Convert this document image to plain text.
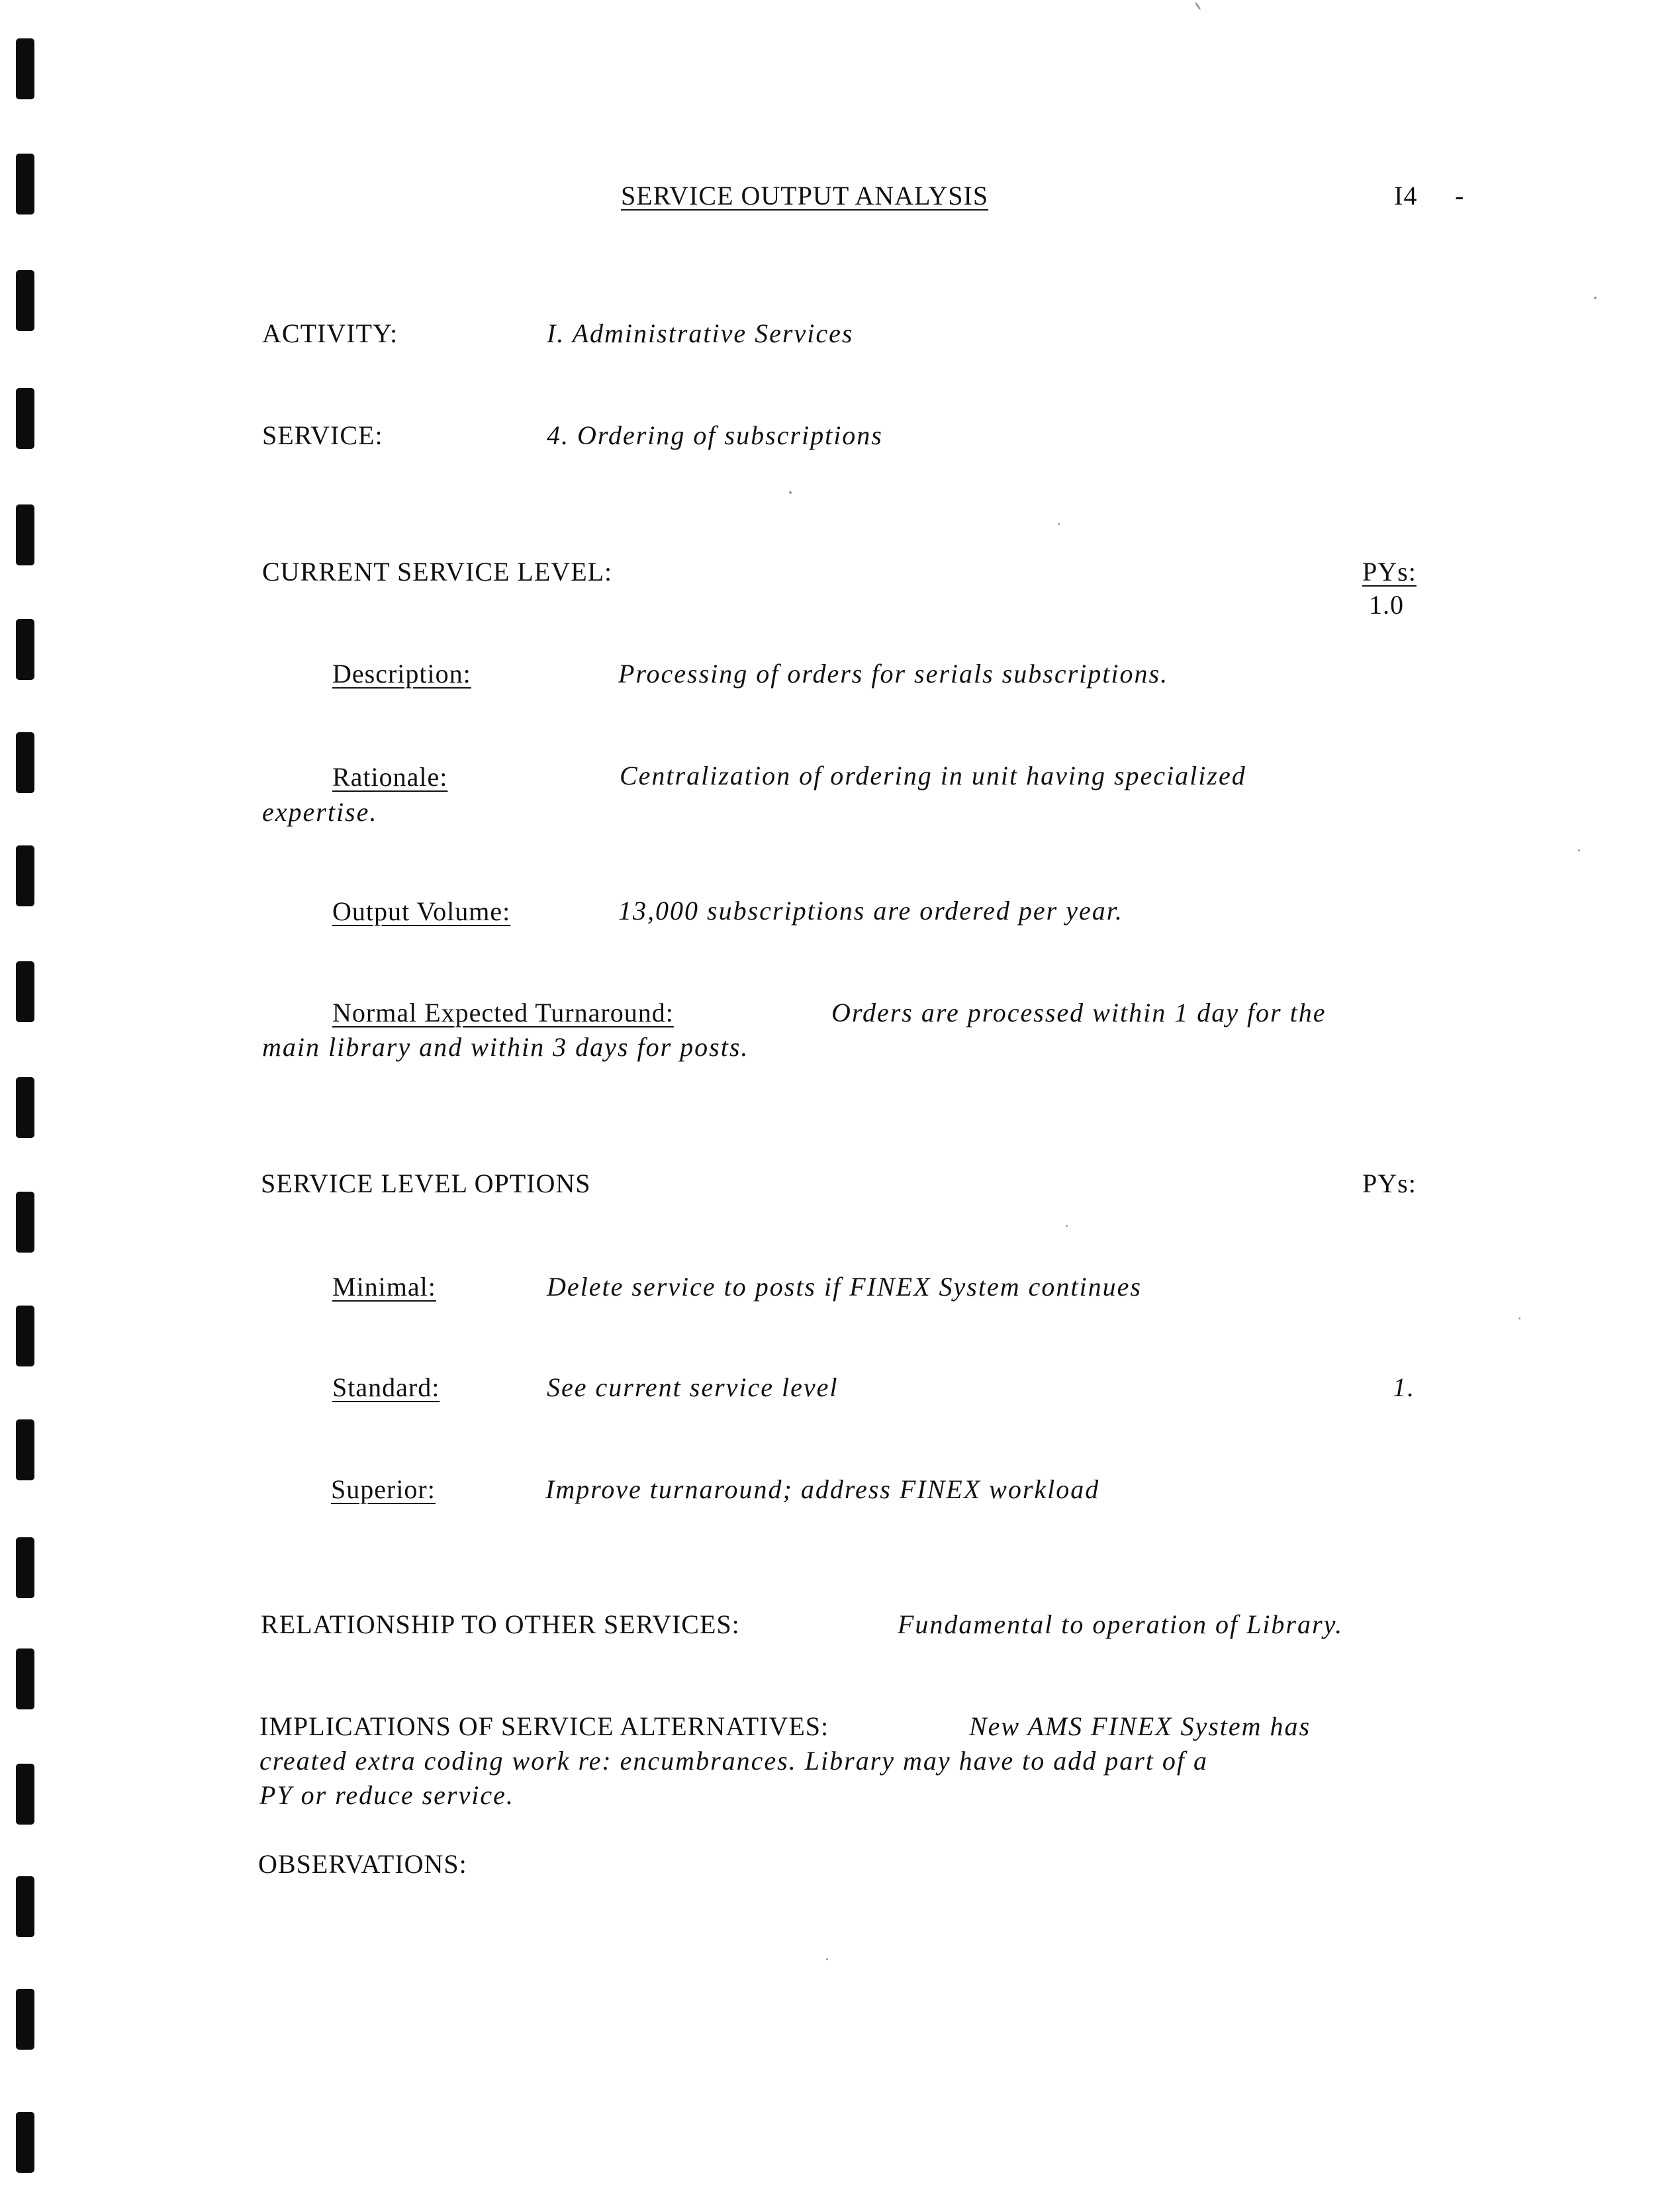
SERVICE OUTPUT ANALYSIS	I4 -
ACTIVITY:	I. Administrative Services
SERVICE:	4. Ordering of subscriptions
CURRENT SERVICE LEVEL:	PYs:
1.0
Description:	Processing of orders for serials subscriptions.
Rationale:	Centralization of ordering in unit having specialized
expertise.
Output Volume:	13,000 subscriptions are ordered per year.
Normal Expected Turnaround:	Orders are processed within 1 day for the
main library and within 3 days for posts.
SERVICE LEVEL OPTIONS	PYs:
Minimal:	Delete service to posts if FINEX System continues
Standard:	See current service level	1.
Superior:	Improve turnaround; address FINEX workload
RELATIONSHIP TO OTHER SERVICES:	Fundamental to operation of Library.
IMPLICATIONS OF SERVICE ALTERNATIVES:	New AMS FINEX System has
created extra coding work re: encumbrances. Library may have to add part of a
PY or reduce service.
OBSERVATIONS:
